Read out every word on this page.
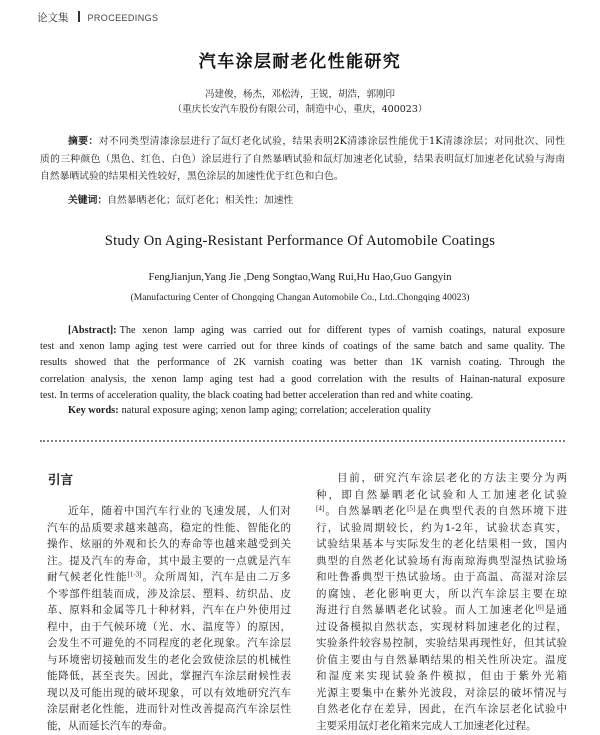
论文集 PROCEEDINGS
汽车涂层耐老化性能研究
冯建俊，杨杰，邓松涛，王锐，胡浩，郭刚印
（重庆长安汽车股份有限公司，制造中心，重庆，400023）
摘要：对不同类型清漆涂层进行了氙灯老化试验，结果表明2K清漆涂层性能优于1K清漆涂层；对同批次、同性
质的三种颜色（黑色、红色、白色）涂层进行了自然暴晒试验和氙灯加速老化试验，结果表明氙灯加速老化试验与海南
自然暴晒试验的结果相关性较好，黑色涂层的加速性优于红色和白色。
关键词：自然暴晒老化；氙灯老化；相关性；加速性
Study On Aging-Resistant Performance Of Automobile Coatings
FengJianjun,Yang Jie ,Deng Songtao,Wang Rui,Hu Hao,Guo Gangyin
(Manufacturing Center of Chongqing Changan Automobile Co., Ltd..Chongqing 40023)
[Abstract]: The xenon lamp aging was carried out for different types of varnish coatings, natural exposure
test and xenon lamp aging test were carried out for three kinds of coatings of the same batch and same quality. The
results showed that the performance of 2K varnish coating was better than 1K varnish coating. Through the
correlation analysis, the xenon lamp aging test had a good correlation with the results of Hainan-natural exposure
test. In terms of acceleration quality, the black coating had better acceleration than red and white coating.
Key words: natural exposure aging; xenon lamp aging; correlation; acceleration quality
引言
近年，随着中国汽车行业的飞速发展，人们对
汽车的品质要求越来越高，稳定的性能、智能化的
操作、炫丽的外观和长久的寿命等也越来越受到关
注。提及汽车的寿命，其中最主要的一点就是汽车
耐气候老化性能[1-3]。众所周知，汽车是由二万多
个零部件组装而成，涉及涂层、塑料、纺织品、皮
革、原料和金属等几十种材料，汽车在户外使用过
程中，由于气候环境（光、水、温度等）的原因，
会发生不可避免的不同程度的老化现象。汽车涂层
与环境密切接触而发生的老化会致使涂层的机械性
能降低，甚至丧失。因此，掌握汽车涂层耐候性表
现以及可能出现的破坏现象，可以有效地研究汽车
涂层耐老化性能，进而针对性改善提高汽车涂层性
能，从而延长汽车的寿命。
目前，研究汽车涂层老化的方法主要分为两
种，即自然暴晒老化试验和人工加速老化试验
[4]。自然暴晒老化[5]是在典型代表的自然环境下进
行，试验周期较长，约为1-2年，试验状态真实，
试验结果基本与实际发生的老化结果相一致，国内
典型的自然老化试验场有海南琼海典型湿热试验场
和吐鲁番典型干热试验场。由于高温、高湿对涂层
的腐蚀、老化影响更大，所以汽车涂层主要在琼
海进行自然暴晒老化试验。而人工加速老化[6]是通
过设备模拟自然状态，实现材料加速老化的过程，
实验条件较容易控制，实验结果再现性好，但其试验
价值主要由与自然暴晒结果的相关性所决定。温度
和湿度来实现试验条件模拟，但由于紫外光箱
光源主要集中在紫外光波段，对涂层的破坏情况与
自然老化存在差异，因此，在汽车涂层老化试验中
主要采用氙灯老化箱来完成人工加速老化过程。
